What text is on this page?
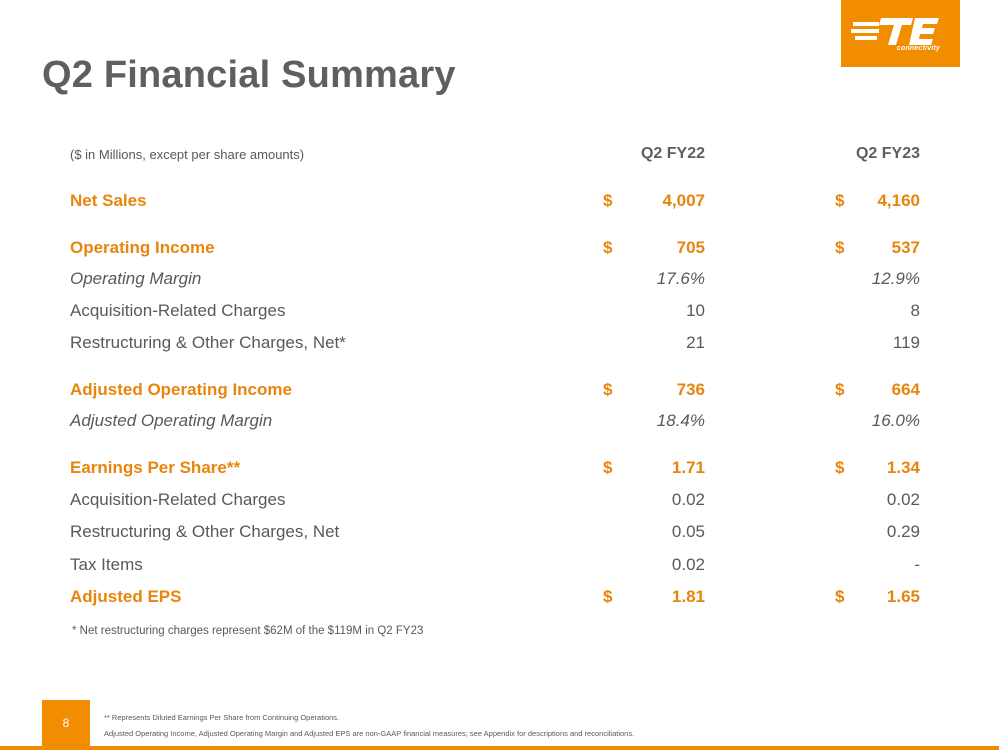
connectivity
Q2 Financial Summary
($ in Millions, except per share amounts)	Q2 FY22	Q2 FY23
Net Sales	$	4,007	$ 4,160
Operating Income	$	705	$	537
Operating Margin	17.6%	12.9%
Acquisition-Related Charges	10	8
Restructuring & Other Charges, Net*	21	119
Adjusted Operating Income	$	736	$	664
Adjusted Operating Margin	18.4%	16.0%
Earnings Per Share**	$	1.71	$ 1.34
Acquisition-Related Charges	0.02	0.02
Restructuring & Other Charges, Net	0.05	0.29
Tax Items	0.02	-
Adjusted EPS	$	1.81	$ 1.65
* Net restructuring charges represent $62M of the $119M in Q2 FY23
8	** Represents Diluted Earnings Per Share from Continuing Operations.
Adjusted Operating Income, Adjusted Operating Margin and Adjusted EPS are non-GAAP financial measures; see Appendix for descriptions and reconciliations.
